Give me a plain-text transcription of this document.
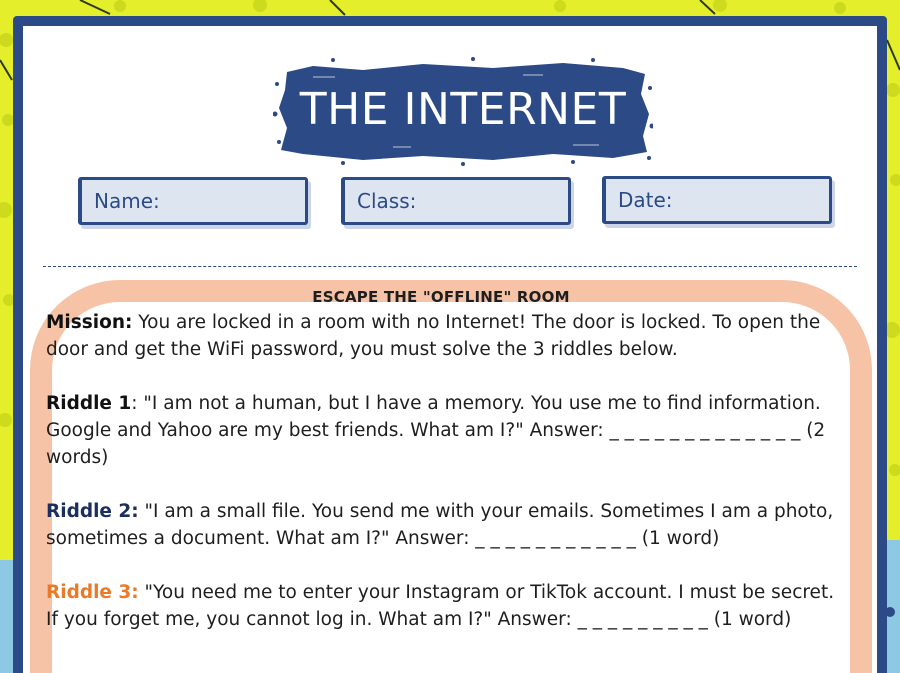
THE INTERNET
Name:	Class:	Date:
ESCAPE THE "OFFLINE" ROOM
Mission: You are locked in a room with no Internet! The door is locked. To open the door and get the WiFi password, you must solve the 3 riddles below.
Riddle 1: "I am not a human, but I have a memory. You use me to find information. Google and Yahoo are my best friends. What am I?" Answer: _ _ _ _ _ _ _ _ _ _ _ _ _ (2 words)
Riddle 2: "I am a small file. You send me with your emails. Sometimes I am a photo, sometimes a document. What am I?" Answer: _ _ _ _ _ _ _ _ _ _ _ (1 word)
Riddle 3: "You need me to enter your Instagram or TikTok account. I must be secret. If you forget me, you cannot log in. What am I?" Answer: _ _ _ _ _ _ _ _ _ (1 word)
